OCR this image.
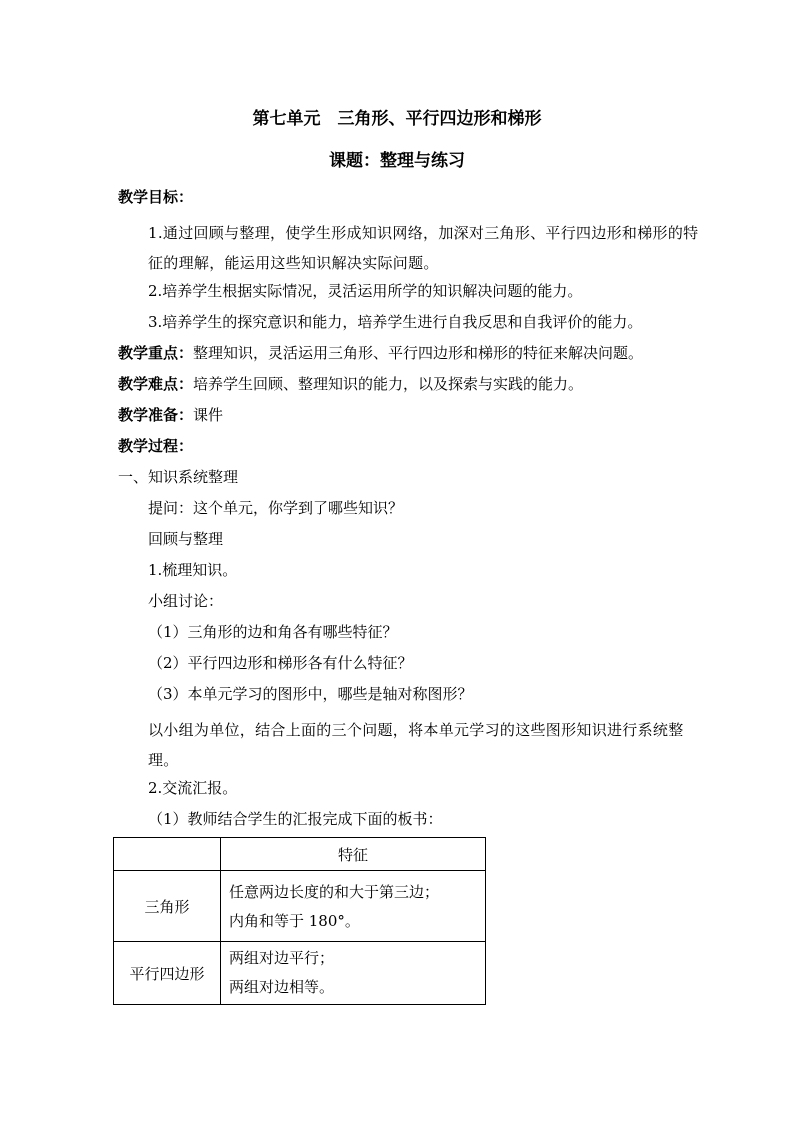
第七单元　三角形、平行四边形和梯形
课题：整理与练习
教学目标：
1.通过回顾与整理，使学生形成知识网络，加深对三角形、平行四边形和梯形的特征的理解，能运用这些知识解决实际问题。
2.培养学生根据实际情况，灵活运用所学的知识解决问题的能力。
3.培养学生的探究意识和能力，培养学生进行自我反思和自我评价的能力。
教学重点：整理知识，灵活运用三角形、平行四边形和梯形的特征来解决问题。
教学难点：培养学生回顾、整理知识的能力，以及探索与实践的能力。
教学准备：课件
教学过程：
一、知识系统整理
提问：这个单元，你学到了哪些知识？
回顾与整理
1.梳理知识。
小组讨论：
（1）三角形的边和角各有哪些特征？
（2）平行四边形和梯形各有什么特征？
（3）本单元学习的图形中，哪些是轴对称图形？
以小组为单位，结合上面的三个问题，将本单元学习的这些图形知识进行系统整理。
2.交流汇报。
（1）教师结合学生的汇报完成下面的板书：
	特征
三角形	任意两边长度的和大于第三边；
内角和等于 180°。

平行四边形	两组对边平行；
两组对边相等。
